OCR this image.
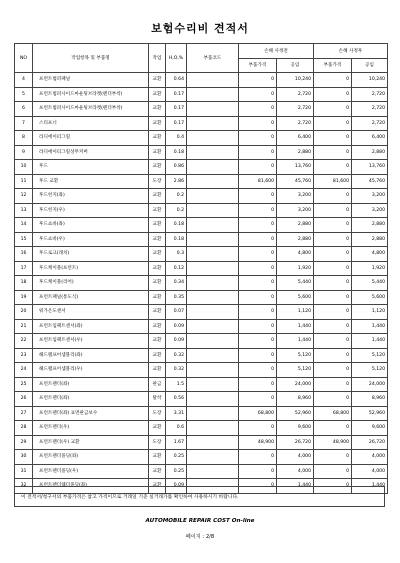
보험수리비 견적서
NO	작업항목 및 부품명	작업	H,O,%	부품코드	손해 사정전		손해 사정후	
					부품가격	공임	부품가격	공임
4	프런트범퍼패널	교환	0.64		0	10,240	0	10,240
5	프런트범퍼사이드마운팅브라켓(펜더부착)	교환	0.17		0	2,720	0	2,720
6	프런트범퍼사이드마운팅브라켓(펜더부착)	교환	0.17		0	2,720	0	2,720
7	스티프너	교환	0.17		0	2,720	0	2,720
8	라디에이터그릴	교환	0.4		0	6,400	0	6,400
9	라디에이터그릴상무커버	교환	0.18		0	2,880	0	2,880
10	후드	교환	0.86		0	13,760	0	13,760
11	후드 교환	도장	2.86		81,600	45,760	81,600	45,760
12	후드힌지(좌)	교환	0.2		0	3,200	0	3,200
13	후드힌지(우)	교환	0.2		0	3,200	0	3,200
14	후드쇼바(좌)	교환	0.18		0	2,880	0	2,880
15	후드쇼바(우)	교환	0.18		0	2,880	0	2,880
16	후드로크(래치)	교환	0.3		0	4,800	0	4,800
17	후드케이블(프런트)	교환	0.12		0	1,920	0	1,920
18	후드케이블(리어)	교환	0.34		0	5,440	0	5,440
19	프런트패널(통도식)	교환	0.35		0	5,600	0	5,600
20	워가온도센서	교환	0.07		0	1,120	0	1,120
21	프런트임팩트센서(좌)	교환	0.09		0	1,440	0	1,440
22	프런트임팩트센서(우)	교환	0.09		0	1,440	0	1,440
23	헤드램프어셈블리(좌)	교환	0.32		0	5,120	0	5,120
24	헤드램프어셈블리(우)	교환	0.32		0	5,120	0	5,120
25	프런트펜더(좌)	판금	1.5		0	24,000	0	24,000
26	프런트펜더(좌)	탈착	0.56		0	8,960	0	8,960
27	프런트펜더(좌) 표면판금보수	도장	3.31		68,800	52,960	68,800	52,960
28	프런트펜더(우)	교환	0.6		0	9,600	0	9,600
29	프런트펜더(우) 교환	도장	1.67		48,900	26,720	48,900	26,720
30	프런트펜더몰딩(좌)	교환	0.25		0	4,000	0	4,000
31	프런트펜더몰딩(우)	교환	0.25		0	4,000	0	4,000
32	프런트펜더웨더몰딩(좌)	교환	0.09		0	1,440	0	1,440
이 견적서/청구서의 부품가격은 참고 가격이므로 거래일 기준 실거래가를 확인하여 사용하시기 바랍니다.
AUTOMOBILE REPAIR COST On-line
페이지 : 2/8
